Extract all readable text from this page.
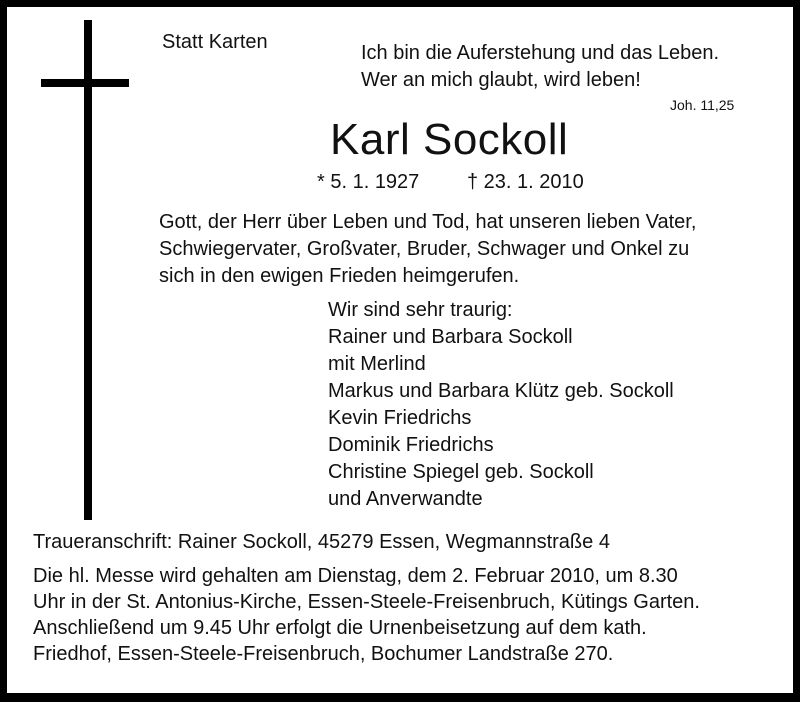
Statt Karten	Ich bin die Auferstehung und das Leben.
Wer an mich glaubt, wird leben!
Joh. 11,25
Karl Sockoll
* 5. 1. 1927 † 23. 1. 2010
Gott, der Herr über Leben und Tod, hat unseren lieben Vater,
Schwiegervater, Großvater, Bruder, Schwager und Onkel zu
sich in den ewigen Frieden heimgerufen.
Wir sind sehr traurig:
Rainer und Barbara Sockoll
mit Merlind
Markus und Barbara Klütz geb. Sockoll
Kevin Friedrichs
Dominik Friedrichs
Christine Spiegel geb. Sockoll
und Anverwandte
Traueranschrift: Rainer Sockoll, 45279 Essen, Wegmannstraße 4
Die hl. Messe wird gehalten am Dienstag, dem 2. Februar 2010, um 8.30
Uhr in der St. Antonius-Kirche, Essen-Steele-Freisenbruch, Kütings Garten.
Anschließend um 9.45 Uhr erfolgt die Urnenbeisetzung auf dem kath.
Friedhof, Essen-Steele-Freisenbruch, Bochumer Landstraße 270.
